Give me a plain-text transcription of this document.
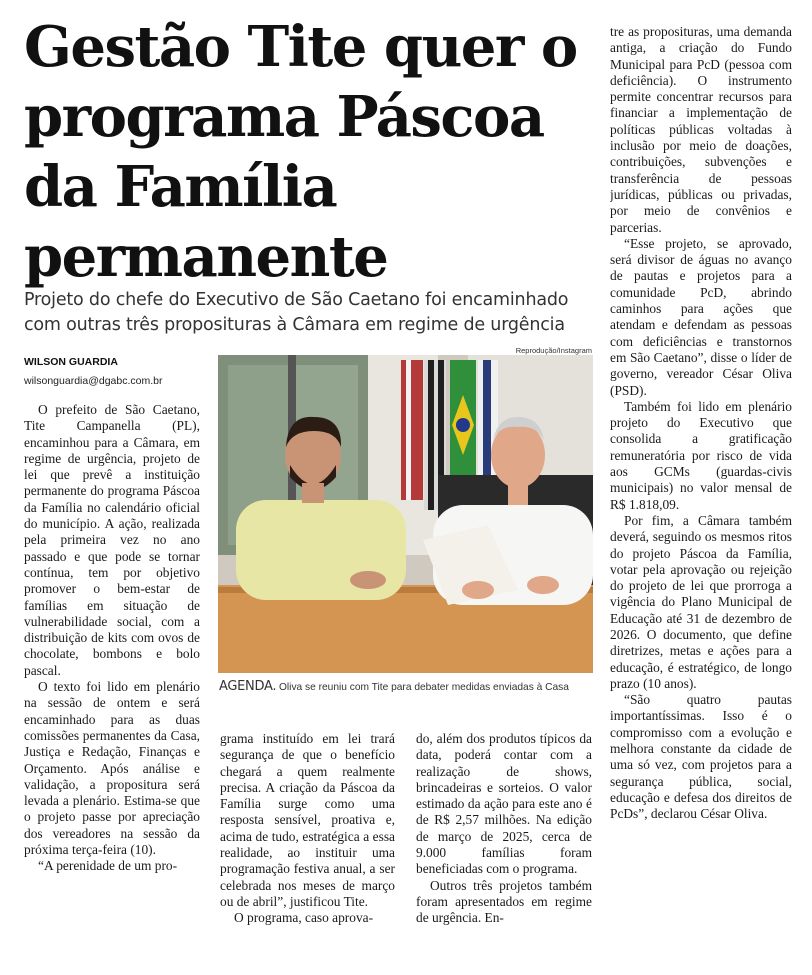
Gestão Tite quer o programa Páscoa da Família permanente

Projeto do chefe do Executivo de São Caetano foi encaminhado com outras três proposituras à Câmara em regime de urgência

WILSON GUARDIA
wilsonguardia@dgabc.com.br

O prefeito de São Caetano, Tite Campanella (PL), encaminhou para a Câmara, em regime de urgência, projeto de lei que prevê a instituição permanente do programa Páscoa da Família no calendário oficial do município. A ação, realizada pela primeira vez no ano passado e que pode se tornar contínua, tem por objetivo promover o bem-estar de famílias em situação de vulnerabilidade social, com a distribuição de kits com ovos de chocolate, bombons e bolo pascal.

O texto foi lido em plenário na sessão de ontem e será encaminhado para as duas comissões permanentes da Casa, Justiça e Redação, Finanças e Orçamento. Após análise e validação, a propositura será levada a plenário. Estima-se que o projeto passe por apreciação dos vereadores na sessão da próxima terça-feira (10).

“A perenidade de um pro-

Reprodução/Instagram
AGENDA. Oliva se reuniu com Tite para debater medidas enviadas à Casa

grama instituído em lei trará segurança de que o benefício chegará a quem realmente precisa. A criação da Páscoa da Família surge como uma resposta sensível, proativa e, acima de tudo, estratégica a essa realidade, ao instituir uma programação festiva anual, a ser celebrada nos meses de março ou de abril”, justificou Tite.

O programa, caso aprova-

do, além dos produtos típicos da data, poderá contar com a realização de shows, brincadeiras e sorteios. O valor estimado da ação para este ano é de R$ 2,57 milhões. Na edição de março de 2025, cerca de 9.000 famílias foram beneficiadas com o programa.

Outros três projetos também foram apresentados em regime de urgência. En-

tre as proposituras, uma demanda antiga, a criação do Fundo Municipal para PcD (pessoa com deficiência). O instrumento permite concentrar recursos para financiar a implementação de políticas públicas voltadas à inclusão por meio de doações, contribuições, subvenções e transferência de pessoas jurídicas, públicas ou privadas, por meio de convênios e parcerias.

“Esse projeto, se aprovado, será divisor de águas no avanço de pautas e projetos para a comunidade PcD, abrindo caminhos para ações que atendam e defendam as pessoas com deficiências e transtornos em São Caetano”, disse o líder de governo, vereador César Oliva (PSD).

Também foi lido em plenário projeto do Executivo que consolida a gratificação remuneratória por risco de vida aos GCMs (guardas-civis municipais) no valor mensal de R$ 1.818,09.

Por fim, a Câmara também deverá, seguindo os mesmos ritos do projeto Páscoa da Família, votar pela aprovação ou rejeição do projeto de lei que prorroga a vigência do Plano Municipal de Educação até 31 de dezembro de 2026. O documento, que define diretrizes, metas e ações para a educação, é estratégico, de longo prazo (10 anos).

“São quatro pautas importantíssimas. Isso é o compromisso com a evolução e melhora constante da cidade de uma só vez, com projetos para a segurança pública, social, educação e defesa dos direitos de PcDs”, declarou César Oliva.
